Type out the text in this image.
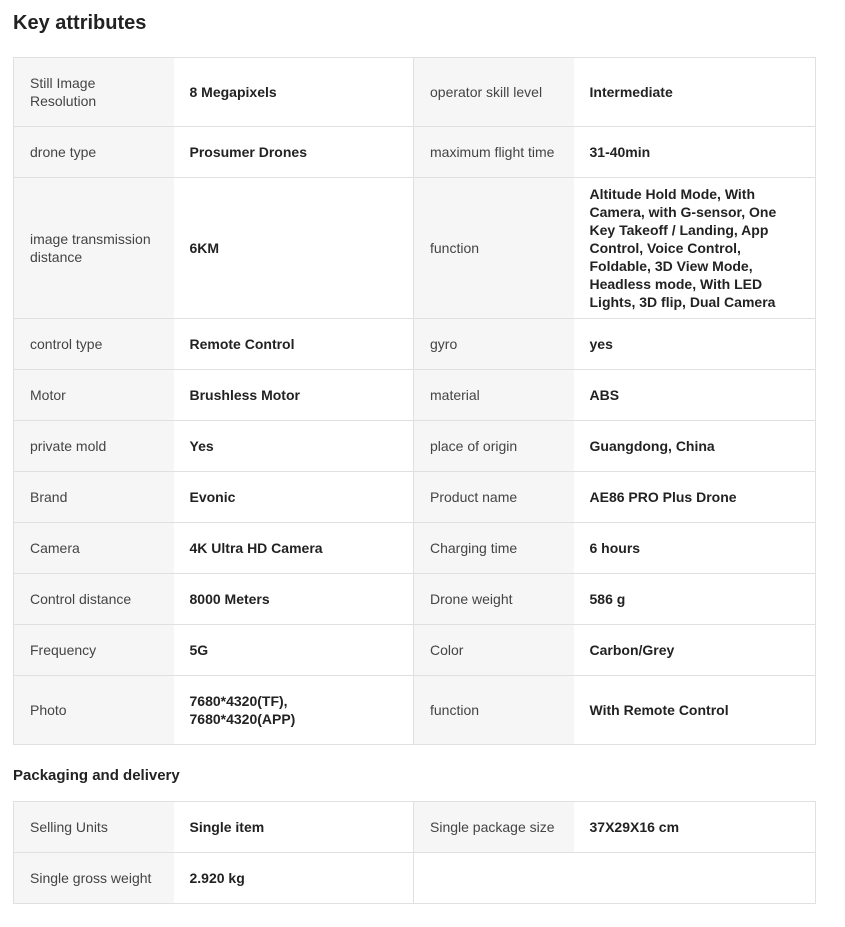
Key attributes
Still Image Resolution	8 Megapixels	operator skill level	Intermediate
drone type	Prosumer Drones	maximum flight time	31-40min
image transmission distance	6KM	function	Altitude Hold Mode, With Camera, with G-sensor, One Key Takeoff / Landing, App Control, Voice Control, Foldable, 3D View Mode, Headless mode, With LED Lights, 3D flip, Dual Camera
control type	Remote Control	gyro	yes
Motor	Brushless Motor	material	ABS
private mold	Yes	place of origin	Guangdong, China
Brand	Evonic	Product name	AE86 PRO Plus Drone
Camera	4K Ultra HD Camera	Charging time	6 hours
Control distance	8000 Meters	Drone weight	586 g
Frequency	5G	Color	Carbon/Grey
Photo	7680*4320(TF), 7680*4320(APP)	function	With Remote Control
Packaging and delivery
Selling Units	Single item	Single package size	37X29X16 cm
Single gross weight	2.920 kg		
